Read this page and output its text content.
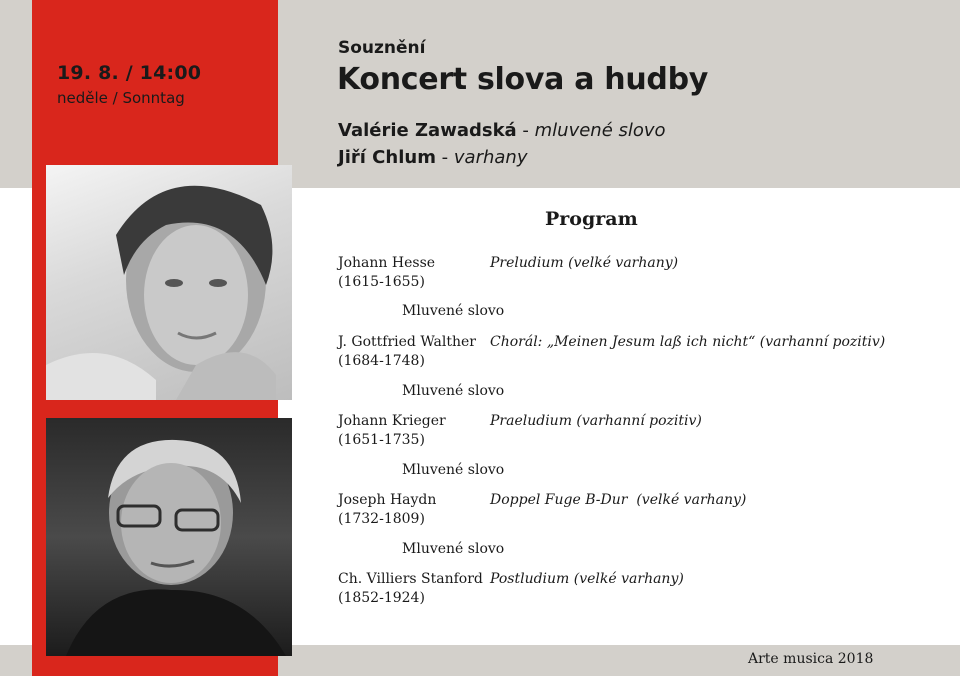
19. 8. / 14:00
neděle / Sonntag
Souznění
Koncert slova a hudby
Valérie Zawadská - mluvené slovo
Jiří Chlum - varhany
Program
Johann Hesse
(1615-1655)
Preludium (velké varhany)
Mluvené slovo
J. Gottfried Walther
(1684-1748)
Chorál: „Meinen Jesum laß ich nicht“ (varhanní pozitiv)
Mluvené slovo
Johann Krieger
(1651-1735)
Praeludium (varhanní pozitiv)
Mluvené slovo
Joseph Haydn
(1732-1809)
Doppel Fuge B-Dur  (velké varhany)
Mluvené slovo
Ch. Villiers Stanford
(1852-1924)
Postludium (velké varhany)
Arte musica 2018
